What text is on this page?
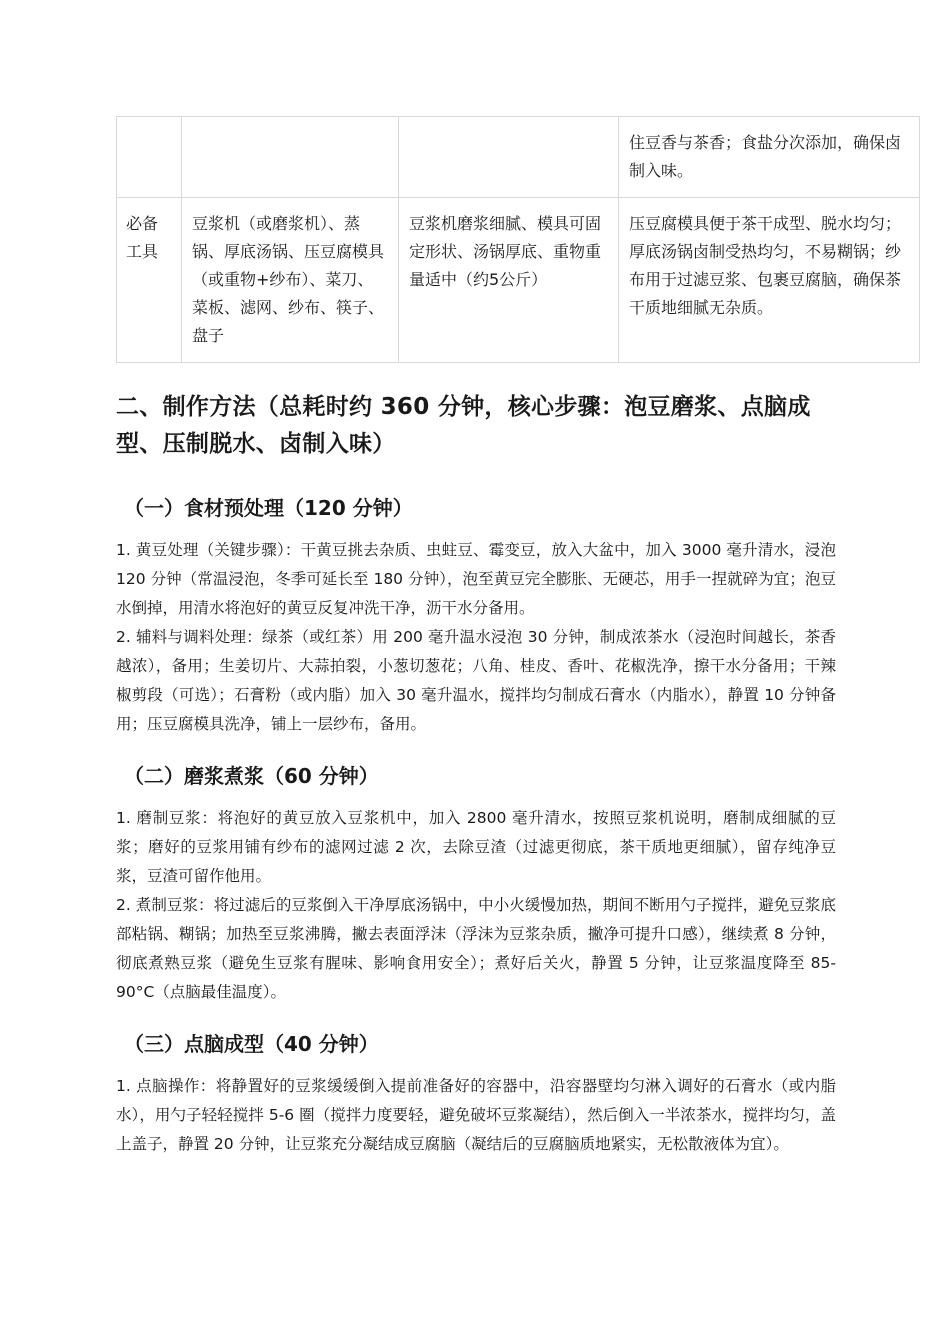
			住豆香与茶香；食盐分次添加，确保卤制入味。
必备工具	豆浆机（或磨浆机）、蒸锅、厚底汤锅、压豆腐模具（或重物+纱布）、菜刀、菜板、滤网、纱布、筷子、盘子	豆浆机磨浆细腻、模具可固定形状、汤锅厚底、重物重量适中（约5公斤）	压豆腐模具便于茶干成型、脱水均匀；厚底汤锅卤制受热均匀，不易糊锅；纱布用于过滤豆浆、包裹豆腐脑，确保茶干质地细腻无杂质。
二、制作方法（总耗时约 360 分钟，核心步骤：泡豆磨浆、点脑成型、压制脱水、卤制入味）
（一）食材预处理（120 分钟）

1. 黄豆处理（关键步骤）：干黄豆挑去杂质、虫蛀豆、霉变豆，放入大盆中，加入 3000 毫升清水，浸泡 120 分钟（常温浸泡，冬季可延长至 180 分钟），泡至黄豆完全膨胀、无硬芯，用手一捏就碎为宜；泡豆水倒掉，用清水将泡好的黄豆反复冲洗干净，沥干水分备用。

2. 辅料与调料处理：绿茶（或红茶）用 200 毫升温水浸泡 30 分钟，制成浓茶水（浸泡时间越长，茶香越浓），备用；生姜切片、大蒜拍裂，小葱切葱花；八角、桂皮、香叶、花椒洗净，擦干水分备用；干辣椒剪段（可选）；石膏粉（或内脂）加入 30 毫升温水，搅拌均匀制成石膏水（内脂水），静置 10 分钟备用；压豆腐模具洗净，铺上一层纱布，备用。

（二）磨浆煮浆（60 分钟）

1. 磨制豆浆：将泡好的黄豆放入豆浆机中，加入 2800 毫升清水，按照豆浆机说明，磨制成细腻的豆浆；磨好的豆浆用铺有纱布的滤网过滤 2 次，去除豆渣（过滤更彻底，茶干质地更细腻），留存纯净豆浆，豆渣可留作他用。

2. 煮制豆浆：将过滤后的豆浆倒入干净厚底汤锅中，中小火缓慢加热，期间不断用勺子搅拌，避免豆浆底部粘锅、糊锅；加热至豆浆沸腾，撇去表面浮沫（浮沫为豆浆杂质，撇净可提升口感），继续煮 8 分钟，彻底煮熟豆浆（避免生豆浆有腥味、影响食用安全）；煮好后关火，静置 5 分钟，让豆浆温度降至 85-90°C（点脑最佳温度）。

（三）点脑成型（40 分钟）

1. 点脑操作：将静置好的豆浆缓缓倒入提前准备好的容器中，沿容器壁均匀淋入调好的石膏水（或内脂水），用勺子轻轻搅拌 5-6 圈（搅拌力度要轻，避免破坏豆浆凝结），然后倒入一半浓茶水，搅拌均匀，盖上盖子，静置 20 分钟，让豆浆充分凝结成豆腐脑（凝结后的豆腐脑质地紧实，无松散液体为宜）。
